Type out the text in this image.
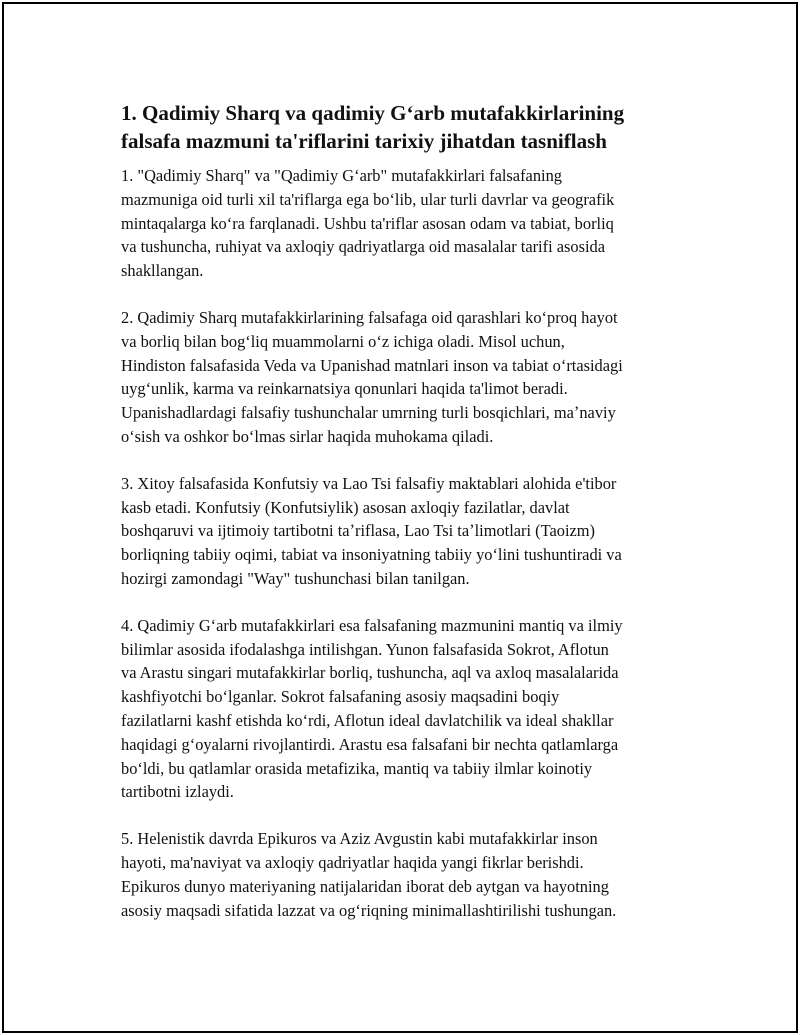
1. Qadimiy Sharq va qadimiy Gʻarb mutafakkirlarining
falsafa mazmuni ta'riflarini tarixiy jihatdan tasniflash

1. "Qadimiy Sharq" va "Qadimiy Gʻarb" mutafakkirlari falsafaning
mazmuniga oid turli xil ta'riflarga ega boʻlib, ular turli davrlar va geografik
mintaqalarga koʻra farqlanadi. Ushbu ta'riflar asosan odam va tabiat, borliq
va tushuncha, ruhiyat va axloqiy qadriyatlarga oid masalalar tarifi asosida
shakllangan.

2. Qadimiy Sharq mutafakkirlarining falsafaga oid qarashlari koʻproq hayot
va borliq bilan bogʻliq muammolarni oʻz ichiga oladi. Misol uchun,
Hindiston falsafasida Veda va Upanishad matnlari inson va tabiat oʻrtasidagi
uygʻunlik, karma va reinkarnatsiya qonunlari haqida ta'limot beradi.
Upanishadlardagi falsafiy tushunchalar umrning turli bosqichlari, maʼnaviy
oʻsish va oshkor boʻlmas sirlar haqida muhokama qiladi.

3. Xitoy falsafasida Konfutsiy va Lao Tsi falsafiy maktablari alohida e'tibor
kasb etadi. Konfutsiy (Konfutsiylik) asosan axloqiy fazilatlar, davlat
boshqaruvi va ijtimoiy tartibotni taʼriflasa, Lao Tsi taʼlimotlari (Taoizm)
borliqning tabiiy oqimi, tabiat va insoniyatning tabiiy yoʻlini tushuntiradi va
hozirgi zamondagi "Way" tushunchasi bilan tanilgan.

4. Qadimiy Gʻarb mutafakkirlari esa falsafaning mazmunini mantiq va ilmiy
bilimlar asosida ifodalashga intilishgan. Yunon falsafasida Sokrot, Aflotun
va Arastu singari mutafakkirlar borliq, tushuncha, aql va axloq masalalarida
kashfiyotchi boʻlganlar. Sokrot falsafaning asosiy maqsadini boqiy
fazilatlarni kashf etishda koʻrdi, Aflotun ideal davlatchilik va ideal shakllar
haqidagi gʻoyalarni rivojlantirdi. Arastu esa falsafani bir nechta qatlamlarga
boʻldi, bu qatlamlar orasida metafizika, mantiq va tabiiy ilmlar koinotiy
tartibotni izlaydi.

5. Helenistik davrda Epikuros va Aziz Avgustin kabi mutafakkirlar inson
hayoti, ma'naviyat va axloqiy qadriyatlar haqida yangi fikrlar berishdi.
Epikuros dunyo materiyaning natijalaridan iborat deb aytgan va hayotning
asosiy maqsadi sifatida lazzat va ogʻriqning minimallashtirilishi tushungan.
